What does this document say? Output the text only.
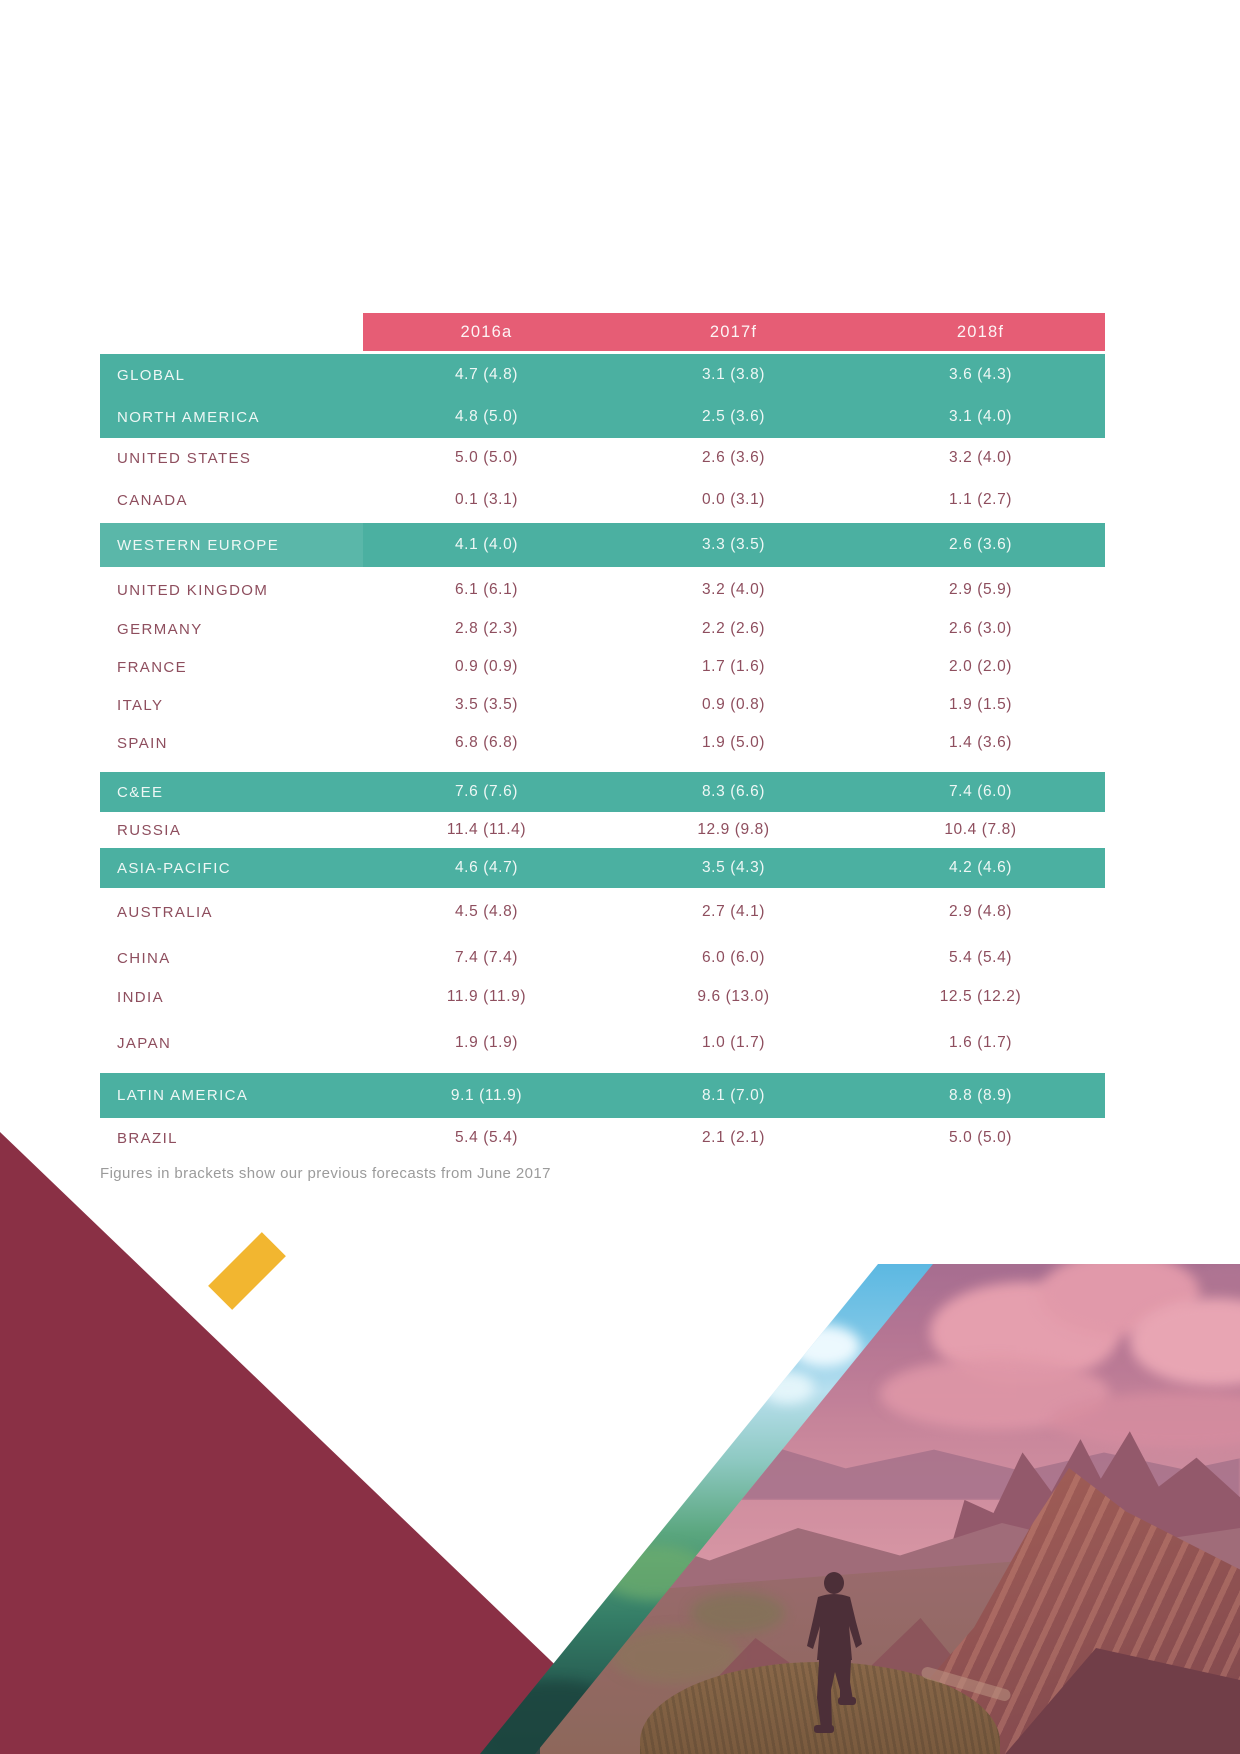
2016a	2017f	2018f
GLOBAL	4.7 (4.8)	3.1 (3.8)	3.6 (4.3)
NORTH AMERICA	4.8 (5.0)	2.5 (3.6)	3.1 (4.0)
UNITED STATES	5.0 (5.0)	2.6 (3.6)	3.2 (4.0)
CANADA	0.1 (3.1)	0.0 (3.1)	1.1 (2.7)
WESTERN EUROPE	4.1 (4.0)	3.3 (3.5)	2.6 (3.6)
UNITED KINGDOM	6.1 (6.1)	3.2 (4.0)	2.9 (5.9)
GERMANY	2.8 (2.3)	2.2 (2.6)	2.6 (3.0)
FRANCE	0.9 (0.9)	1.7 (1.6)	2.0 (2.0)
ITALY	3.5 (3.5)	0.9 (0.8)	1.9 (1.5)
SPAIN	6.8 (6.8)	1.9 (5.0)	1.4 (3.6)
C&EE	7.6 (7.6)	8.3 (6.6)	7.4 (6.0)
RUSSIA	11.4 (11.4)	12.9 (9.8)	10.4 (7.8)
ASIA-PACIFIC	4.6 (4.7)	3.5 (4.3)	4.2 (4.6)
AUSTRALIA	4.5 (4.8)	2.7 (4.1)	2.9 (4.8)
CHINA	7.4 (7.4)	6.0 (6.0)	5.4 (5.4)
INDIA	11.9 (11.9)	9.6 (13.0)	12.5 (12.2)
JAPAN	1.9 (1.9)	1.0 (1.7)	1.6 (1.7)
LATIN AMERICA	9.1 (11.9)	8.1 (7.0)	8.8 (8.9)
BRAZIL	5.4 (5.4)	2.1 (2.1)	5.0 (5.0)
Figures in brackets show our previous forecasts from June 2017
